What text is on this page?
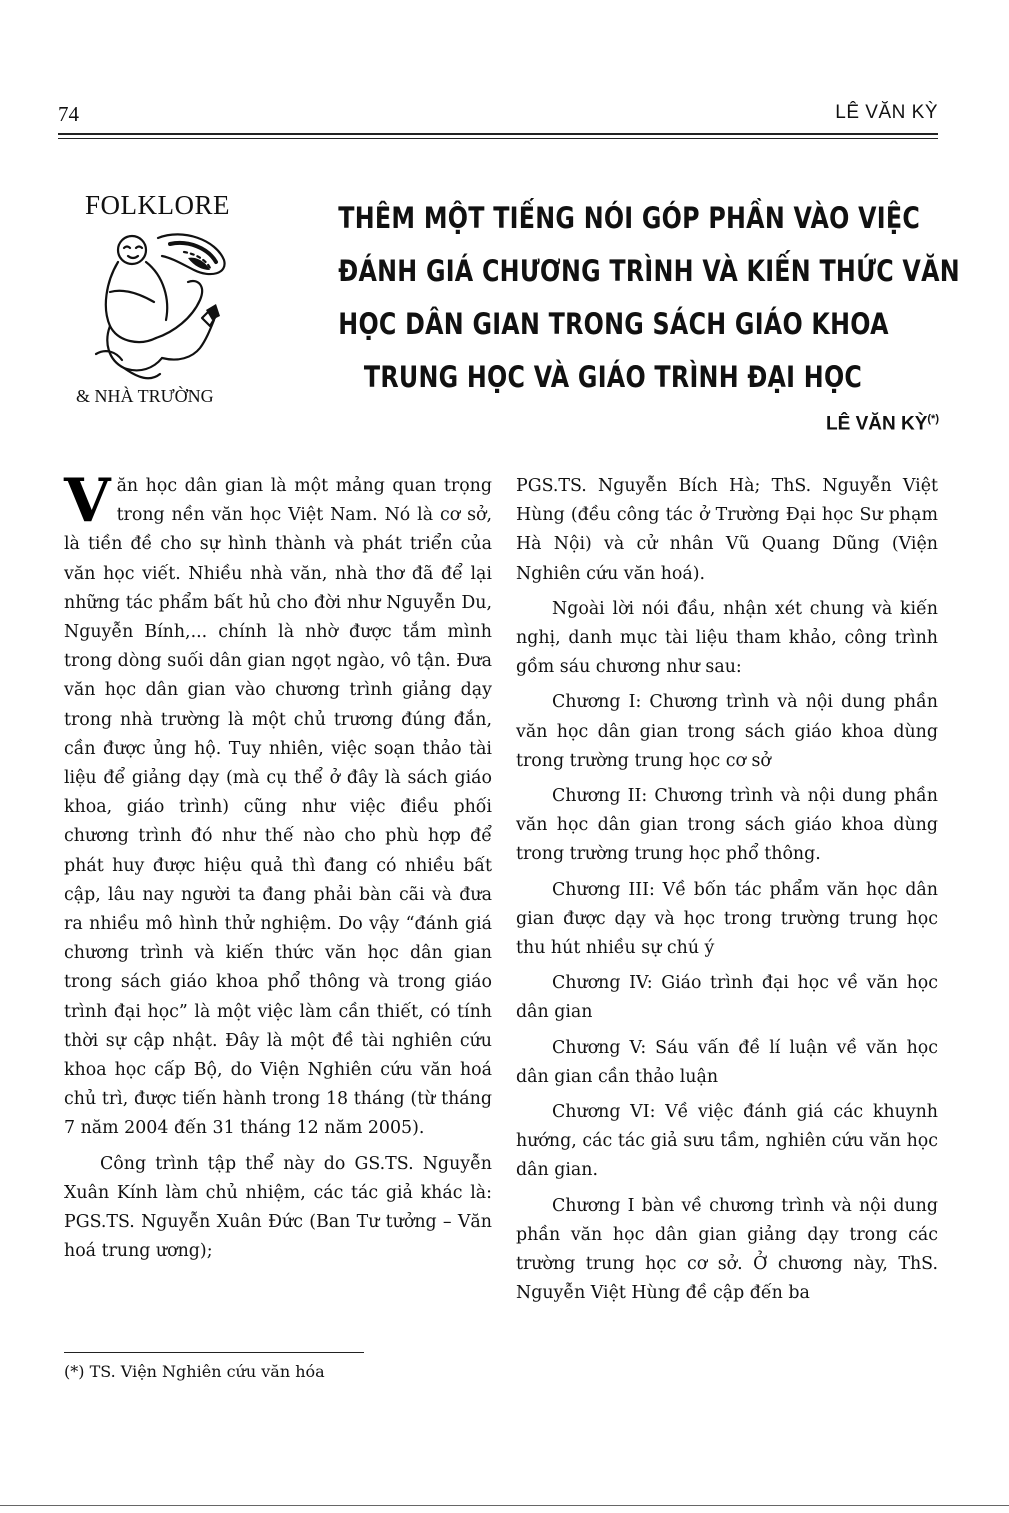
74	LÊ VĂN KỲ
FOLKLORE
& NHÀ TRƯỜNG
THÊM MỘT TIẾNG NÓI GÓP PHẦN VÀO VIỆC
ĐÁNH GIÁ CHƯƠNG TRÌNH VÀ KIẾN THỨC VĂN
HỌC DÂN GIAN TRONG SÁCH GIÁO KHOA
TRUNG HỌC VÀ GIÁO TRÌNH ĐẠI HỌC
LÊ VĂN KỲ(*)

Văn học dân gian là một mảng quan trọng trong nền văn học Việt Nam. Nó là cơ sở, là tiền đề cho sự hình thành và phát triển của văn học viết. Nhiều nhà văn, nhà thơ đã để lại những tác phẩm bất hủ cho đời như Nguyễn Du, Nguyễn Bính,... chính là nhờ được tắm mình trong dòng suối dân gian ngọt ngào, vô tận. Đưa văn học dân gian vào chương trình giảng dạy trong nhà trường là một chủ trương đúng đắn, cần được ủng hộ. Tuy nhiên, việc soạn thảo tài liệu để giảng dạy (mà cụ thể ở đây là sách giáo khoa, giáo trình) cũng như việc điều phối chương trình đó như thế nào cho phù hợp để phát huy được hiệu quả thì đang có nhiều bất cập, lâu nay người ta đang phải bàn cãi và đưa ra nhiều mô hình thử nghiệm. Do vậy “đánh giá chương trình và kiến thức văn học dân gian trong sách giáo khoa phổ thông và trong giáo trình đại học” là một việc làm cần thiết, có tính thời sự cập nhật. Đây là một đề tài nghiên cứu khoa học cấp Bộ, do Viện Nghiên cứu văn hoá chủ trì, được tiến hành trong 18 tháng (từ tháng 7 năm 2004 đến 31 tháng 12 năm 2005).

Công trình tập thể này do GS.TS. Nguyễn Xuân Kính làm chủ nhiệm, các tác giả khác là: PGS.TS. Nguyễn Xuân Đức (Ban Tư tưởng – Văn hoá trung ương);

PGS.TS. Nguyễn Bích Hà; ThS. Nguyễn Việt Hùng (đều công tác ở Trường Đại học Sư phạm Hà Nội) và cử nhân Vũ Quang Dũng (Viện Nghiên cứu văn hoá).

Ngoài lời nói đầu, nhận xét chung và kiến nghị, danh mục tài liệu tham khảo, công trình gồm sáu chương như sau:

Chương I: Chương trình và nội dung phần văn học dân gian trong sách giáo khoa dùng trong trường trung học cơ sở

Chương II: Chương trình và nội dung phần văn học dân gian trong sách giáo khoa dùng trong trường trung học phổ thông.

Chương III: Về bốn tác phẩm văn học dân gian được dạy và học trong trường trung học thu hút nhiều sự chú ý

Chương IV: Giáo trình đại học về văn học dân gian

Chương V: Sáu vấn đề lí luận về văn học dân gian cần thảo luận

Chương VI: Về việc đánh giá các khuynh hướng, các tác giả sưu tầm, nghiên cứu văn học dân gian.

Chương I bàn về chương trình và nội dung phần văn học dân gian giảng dạy trong các trường trung học cơ sở. Ở chương này, ThS. Nguyễn Việt Hùng đề cập đến ba

(*) TS. Viện Nghiên cứu văn hóa
